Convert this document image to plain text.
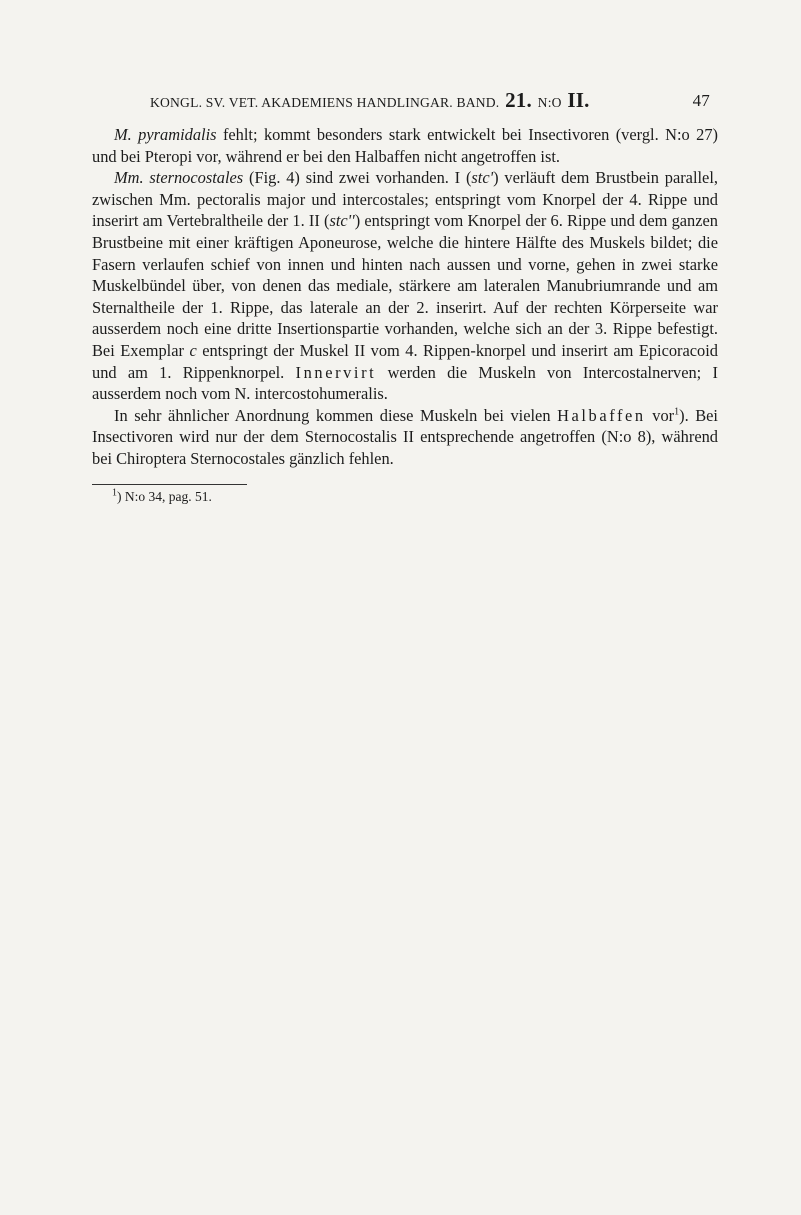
KONGL. SV. VET. AKADEMIENS HANDLINGAR. BAND. 21. N:O II.	47

M. pyramidalis fehlt; kommt besonders stark entwickelt bei Insectivoren (vergl. N:o 27) und bei Pteropi vor, während er bei den Halbaffen nicht angetroffen ist.

Mm. sternocostales (Fig. 4) sind zwei vorhanden. I (stc') verläuft dem Brustbein parallel, zwischen Mm. pectoralis major und intercostales; entspringt vom Knorpel der 4. Rippe und inserirt am Vertebraltheile der 1. II (stc'') entspringt vom Knorpel der 6. Rippe und dem ganzen Brustbeine mit einer kräftigen Aponeurose, welche die hintere Hälfte des Muskels bildet; die Fasern verlaufen schief von innen und hinten nach aussen und vorne, gehen in zwei starke Muskelbündel über, von denen das mediale, stärkere am lateralen Manubriumrande und am Sternaltheile der 1. Rippe, das laterale an der 2. inserirt. Auf der rechten Körperseite war ausserdem noch eine dritte Insertionspartie vorhanden, welche sich an der 3. Rippe befestigt. Bei Exemplar c entspringt der Muskel II vom 4. Rippen-knorpel und inserirt am Epicoracoid und am 1. Rippenknorpel. Innervirt werden die Muskeln von Intercostalnerven; I ausserdem noch vom N. intercostohumeralis.

In sehr ähnlicher Anordnung kommen diese Muskeln bei vielen Halbaffen vor$^1$). Bei Insectivoren wird nur der dem Sternocostalis II entsprechende angetroffen (N:o 8), während bei Chiroptera Sternocostales gänzlich fehlen.

$^1$) N:o 34, pag. 51.
